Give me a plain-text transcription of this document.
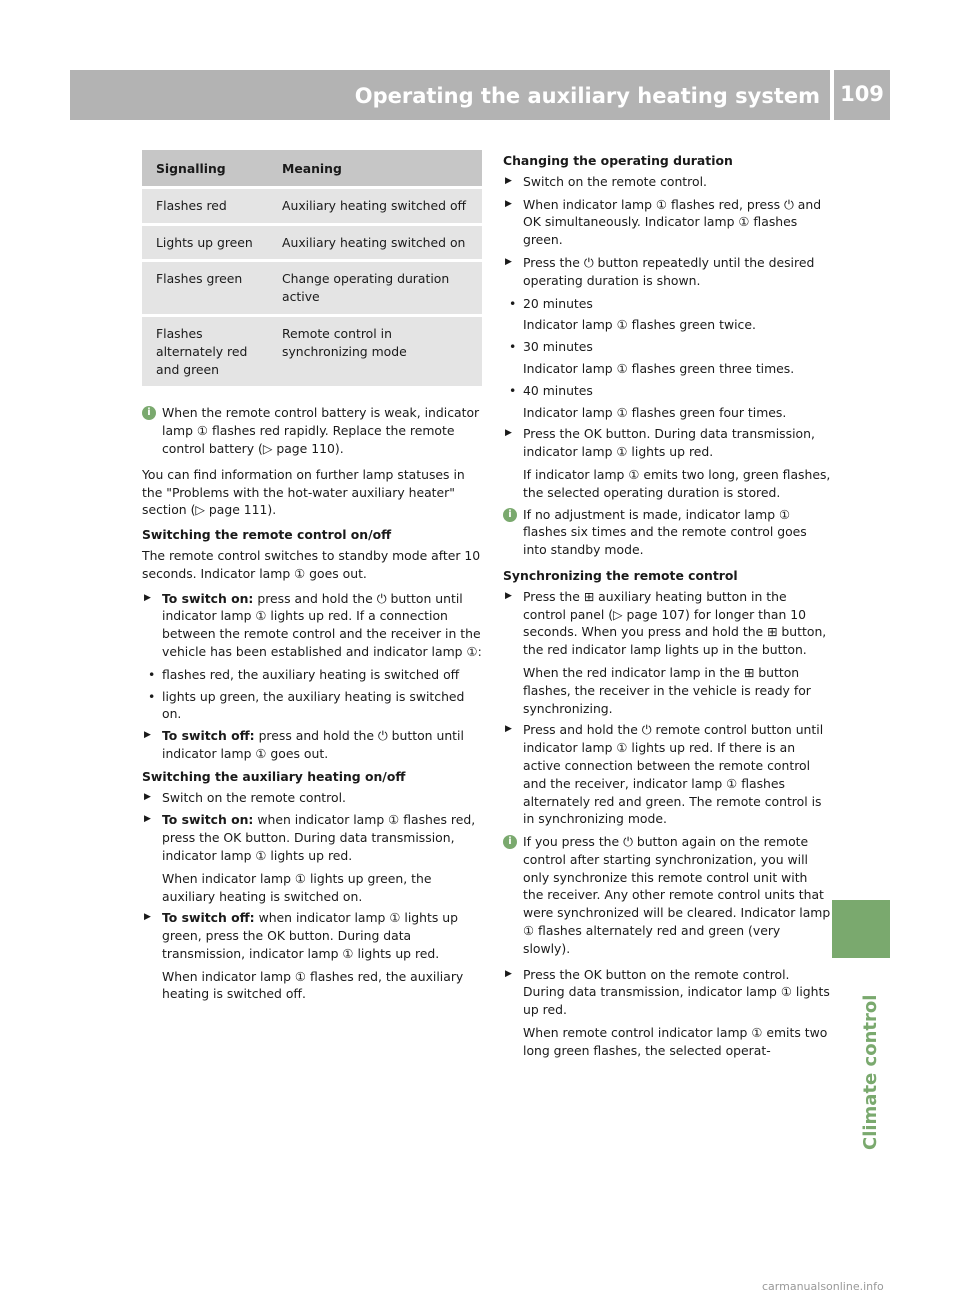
Operating the auxiliary heating system 109
Climate control
Signalling	Meaning
Flashes red	Auxiliary heating switched off
Lights up green	Auxiliary heating switched on
Flashes green	Change operating duration active
Flashes alternately red and green	Remote control in synchronizing mode
i When the remote control battery is weak, indicator lamp ① flashes red rapidly. Replace the remote control battery (▷ page 110).

You can find information on further lamp statuses in the "Problems with the hot-water auxiliary heater" section (▷ page 111).

Switching the remote control on/off

The remote control switches to standby mode after 10 seconds. Indicator lamp ① goes out.

▶ To switch on: press and hold the ⏻ button until indicator lamp ① lights up red. If a connection between the remote control and the receiver in the vehicle has been established and indicator lamp ①:
• flashes red, the auxiliary heating is switched off
• lights up green, the auxiliary heating is switched on.
▶ To switch off: press and hold the ⏻ button until indicator lamp ① goes out.
Switching the auxiliary heating on/off
▶ Switch on the remote control.
▶ To switch on: when indicator lamp ① flashes red, press the OK button. During data transmission, indicator lamp ① lights up red.
When indicator lamp ① lights up green, the auxiliary heating is switched on.
▶ To switch off: when indicator lamp ① lights up green, press the OK button. During data transmission, indicator lamp ① lights up red.
When indicator lamp ① flashes red, the auxiliary heating is switched off.
Changing the operating duration
▶ Switch on the remote control.
▶ When indicator lamp ① flashes red, press ⏻ and OK simultaneously. Indicator lamp ① flashes green.
▶ Press the ⏻ button repeatedly until the desired operating duration is shown.
• 20 minutes
Indicator lamp ① flashes green twice.
• 30 minutes
Indicator lamp ① flashes green three times.
• 40 minutes
Indicator lamp ① flashes green four times.
▶ Press the OK button. During data transmission, indicator lamp ① lights up red.
If indicator lamp ① emits two long, green flashes, the selected operating duration is stored.
i If no adjustment is made, indicator lamp ① flashes six times and the remote control goes into standby mode.
Synchronizing the remote control
▶ Press the ⊞ auxiliary heating button in the control panel (▷ page 107) for longer than 10 seconds. When you press and hold the ⊞ button, the red indicator lamp lights up in the button.
When the red indicator lamp in the ⊞ button flashes, the receiver in the vehicle is ready for synchronizing.
▶ Press and hold the ⏻ remote control button until indicator lamp ① lights up red. If there is an active connection between the remote control and the receiver, indicator lamp ① flashes alternately red and green. The remote control is in synchronizing mode.
i If you press the ⏻ button again on the remote control after starting synchronization, you will only synchronize this remote control unit with the receiver. Any other remote control units that were synchronized will be cleared. Indicator lamp ① flashes alternately red and green (very slowly).
▶ Press the OK button on the remote control. During data transmission, indicator lamp ① lights up red.
When remote control indicator lamp ① emits two long green flashes, the selected operat-
carmanualsonline.info
